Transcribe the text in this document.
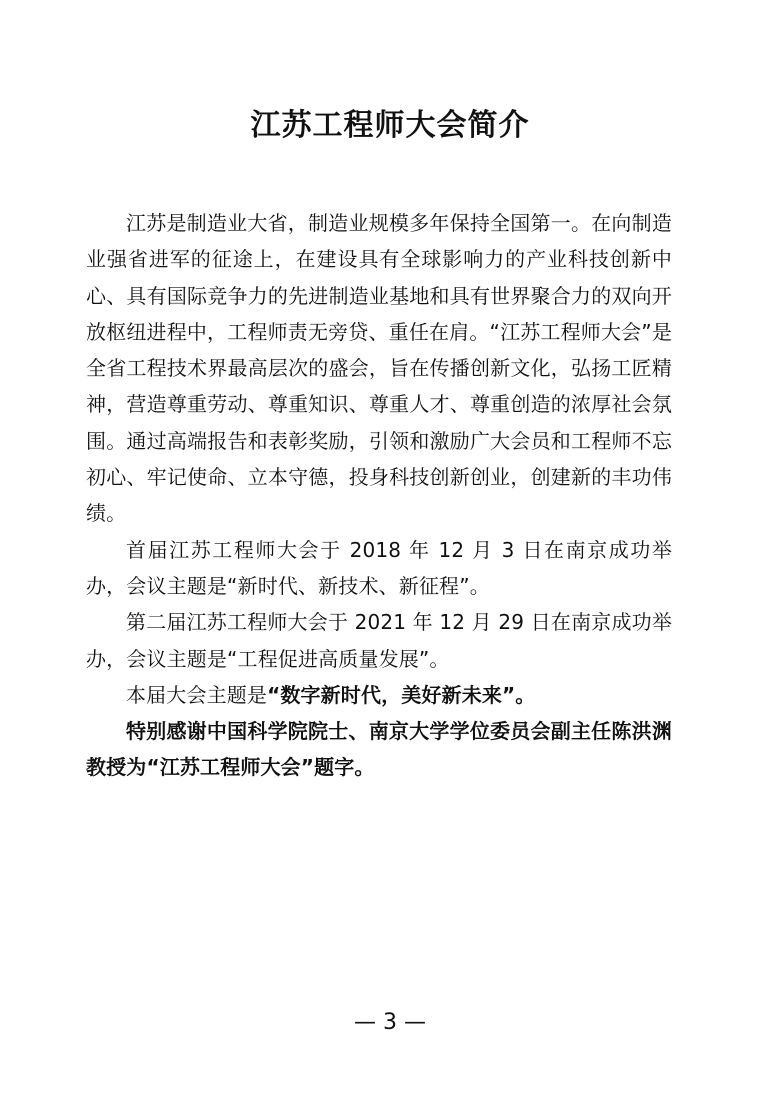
江苏工程师大会简介

江苏是制造业大省，制造业规模多年保持全国第一。在向制造业强省进军的征途上，在建设具有全球影响力的产业科技创新中心、具有国际竞争力的先进制造业基地和具有世界聚合力的双向开放枢纽进程中，工程师责无旁贷、重任在肩。“江苏工程师大会”是全省工程技术界最高层次的盛会，旨在传播创新文化，弘扬工匠精神，营造尊重劳动、尊重知识、尊重人才、尊重创造的浓厚社会氛围。通过高端报告和表彰奖励，引领和激励广大会员和工程师不忘初心、牢记使命、立本守德，投身科技创新创业，创建新的丰功伟绩。

首届江苏工程师大会于 2018 年 12 月 3 日在南京成功举办，会议主题是“新时代、新技术、新征程”。

第二届江苏工程师大会于 2021 年 12 月 29 日在南京成功举办，会议主题是“工程促进高质量发展”。

本届大会主题是“数字新时代，美好新未来”。

特别感谢中国科学院院士、南京大学学位委员会副主任陈洪渊教授为“江苏工程师大会”题字。

— 3 —
